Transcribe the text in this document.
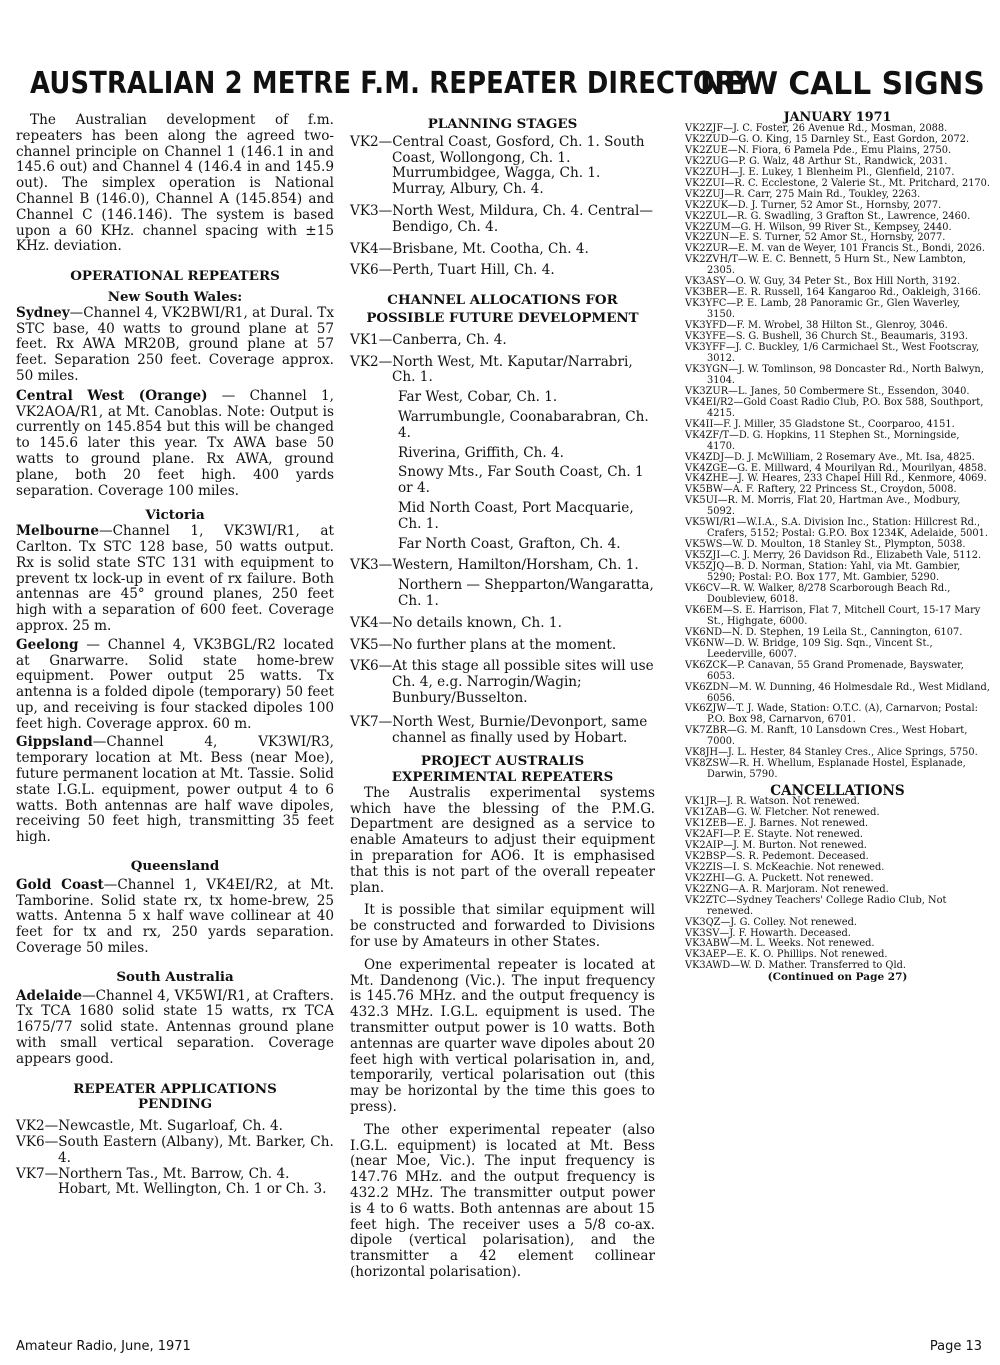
AUSTRALIAN 2 METRE F.M. REPEATER DIRECTORY
NEW CALL SIGNS

The Australian development of f.m. repeaters has been along the agreed two-channel principle on Channel 1 (146.1 in and 145.6 out) and Channel 4 (146.4 in and 145.9 out). The simplex operation is National Channel B (146.0), Channel A (145.854) and Channel C (146.146). The system is based upon a 60 KHz. channel spacing with ±15 KHz. deviation.

OPERATIONAL REPEATERS
New South Wales:

Sydney—Channel 4, VK2BWI/R1, at Dural. Tx STC base, 40 watts to ground plane at 57 feet. Rx AWA MR20B, ground plane at 57 feet. Separation 250 feet. Coverage approx. 50 miles.

Central West (Orange) — Channel 1, VK2AOA/R1, at Mt. Canoblas. Note: Output is currently on 145.854 but this will be changed to 145.6 later this year. Tx AWA base 50 watts to ground plane. Rx AWA, ground plane, both 20 feet high. 400 yards separation. Coverage 100 miles.

Victoria

Melbourne—Channel 1, VK3WI/R1, at Carlton. Tx STC 128 base, 50 watts output. Rx is solid state STC 131 with equipment to prevent tx lock-up in event of rx failure. Both antennas are 45° ground planes, 250 feet high with a separation of 600 feet. Coverage approx. 25 m.

Geelong — Channel 4, VK3BGL/R2 located at Gnarwarre. Solid state home-brew equipment. Power output 25 watts. Tx antenna is a folded dipole (temporary) 50 feet up, and receiving is four stacked dipoles 100 feet high. Coverage approx. 60 m.

Gippsland—Channel 4, VK3WI/R3, temporary location at Mt. Bess (near Moe), future permanent location at Mt. Tassie. Solid state I.G.L. equipment, power output 4 to 6 watts. Both antennas are half wave dipoles, receiving 50 feet high, transmitting 35 feet high.

Queensland

Gold Coast—Channel 1, VK4EI/R2, at Mt. Tamborine. Solid state rx, tx home-brew, 25 watts. Antenna 5 x half wave collinear at 40 feet for tx and rx, 250 yards separation. Coverage 50 miles.

South Australia

Adelaide—Channel 4, VK5WI/R1, at Crafters. Tx TCA 1680 solid state 15 watts, rx TCA 1675/77 solid state. Antennas ground plane with small vertical separation. Coverage appears good.

REPEATER APPLICATIONS PENDING

VK2—Newcastle, Mt. Sugarloaf, Ch. 4.

VK6—South Eastern (Albany), Mt. Barker, Ch. 4.

VK7—Northern Tas., Mt. Barrow, Ch. 4. Hobart, Mt. Wellington, Ch. 1 or Ch. 3.

PLANNING STAGES

VK2—Central Coast, Gosford, Ch. 1. South Coast, Wollongong, Ch. 1. Murrumbidgee, Wagga, Ch. 1. Murray, Albury, Ch. 4.

VK3—North West, Mildura, Ch. 4. Central—Bendigo, Ch. 4.

VK4—Brisbane, Mt. Cootha, Ch. 4.

VK6—Perth, Tuart Hill, Ch. 4.

CHANNEL ALLOCATIONS FOR
POSSIBLE FUTURE DEVELOPMENT

VK1—Canberra, Ch. 4.

VK2—North West, Mt. Kaputar/Narrabri, Ch. 1.

Far West, Cobar, Ch. 1.

Warrumbungle, Coonabarabran, Ch. 4.

Riverina, Griffith, Ch. 4.

Snowy Mts., Far South Coast, Ch. 1 or 4.

Mid North Coast, Port Macquarie, Ch. 1.

Far North Coast, Grafton, Ch. 4.

VK3—Western, Hamilton/Horsham, Ch. 1.

Northern — Shepparton/Wangaratta, Ch. 1.

VK4—No details known, Ch. 1.

VK5—No further plans at the moment.

VK6—At this stage all possible sites will use Ch. 4, e.g. Narrogin/Wagin; Bunbury/Busselton.

VK7—North West, Burnie/Devonport, same channel as finally used by Hobart.

PROJECT AUSTRALIS
EXPERIMENTAL REPEATERS

The Australis experimental systems which have the blessing of the P.M.G. Department are designed as a service to enable Amateurs to adjust their equipment in preparation for AO6. It is emphasised that this is not part of the overall repeater plan.

It is possible that similar equipment will be constructed and forwarded to Divisions for use by Amateurs in other States.

One experimental repeater is located at Mt. Dandenong (Vic.). The input frequency is 145.76 MHz. and the output frequency is 432.3 MHz. I.G.L. equipment is used. The transmitter output power is 10 watts. Both antennas are quarter wave dipoles about 20 feet high with vertical polarisation in, and, temporarily, vertical polarisation out (this may be horizontal by the time this goes to press).

The other experimental repeater (also I.G.L. equipment) is located at Mt. Bess (near Moe, Vic.). The input frequency is 147.76 MHz. and the output frequency is 432.2 MHz. The transmitter output power is 4 to 6 watts. Both antennas are about 15 feet high. The receiver uses a 5/8 co-ax. dipole (vertical polarisation), and the transmitter a 42 element collinear (horizontal polarisation).

JANUARY 1971

VK2ZJF—J. C. Foster, 26 Avenue Rd., Mosman, 2088.

VK2ZUD—G. O. King, 15 Darnley St., East Gordon, 2072.

VK2ZUE—N. Fiora, 6 Pamela Pde., Emu Plains, 2750.

VK2ZUG—P. G. Walz, 48 Arthur St., Randwick, 2031.

VK2ZUH—J. E. Lukey, 1 Blenheim Pl., Glenfield, 2107.

VK2ZUI—R. C. Ecclestone, 2 Valerie St., Mt. Pritchard, 2170.

VK2ZUJ—R. Carr, 275 Main Rd., Toukley, 2263.

VK2ZUK—D. J. Turner, 52 Amor St., Hornsby, 2077.

VK2ZUL—R. G. Swadling, 3 Grafton St., Lawrence, 2460.

VK2ZUM—G. H. Wilson, 99 River St., Kempsey, 2440.

VK2ZUN—E. S. Turner, 52 Amor St., Hornsby, 2077.

VK2ZUR—E. M. van de Weyer, 101 Francis St., Bondi, 2026.

VK2ZVH/T—W. E. C. Bennett, 5 Hurn St., New Lambton, 2305.

VK3ASY—O. W. Guy, 34 Peter St., Box Hill North, 3192.

VK3BER—E. R. Russell, 164 Kangaroo Rd., Oakleigh, 3166.

VK3YFC—P. E. Lamb, 28 Panoramic Gr., Glen Waverley, 3150.

VK3YFD—F. M. Wrobel, 38 Hilton St., Glenroy, 3046.

VK3YFE—S. G. Bushell, 36 Church St., Beaumaris, 3193.

VK3YFF—J. C. Buckley, 1/6 Carmichael St., West Footscray, 3012.

VK3YGN—J. W. Tomlinson, 98 Doncaster Rd., North Balwyn, 3104.

VK3ZUR—L. Janes, 50 Combermere St., Essendon, 3040.

VK4EI/R2—Gold Coast Radio Club, P.O. Box 588, Southport, 4215.

VK4II—F. J. Miller, 35 Gladstone St., Coorparoo, 4151.

VK4ZF/T—D. G. Hopkins, 11 Stephen St., Morningside, 4170.

VK4ZDJ—D. J. McWilliam, 2 Rosemary Ave., Mt. Isa, 4825.

VK4ZGE—G. E. Millward, 4 Mourilyan Rd., Mourilyan, 4858.

VK4ZHE—J. W. Heares, 233 Chapel Hill Rd., Kenmore, 4069.

VK5BW—A. F. Raftery, 22 Princess St., Croydon, 5008.

VK5UI—R. M. Morris, Flat 20, Hartman Ave., Modbury, 5092.

VK5WI/R1—W.I.A., S.A. Division Inc., Station: Hillcrest Rd., Crafers, 5152; Postal: G.P.O. Box 1234K, Adelaide, 5001.

VK5WS—W. D. Moulton, 18 Stanley St., Plympton, 5038.

VK5ZJI—C. J. Merry, 26 Davidson Rd., Elizabeth Vale, 5112.

VK5ZJQ—B. D. Norman, Station: Yahl, via Mt. Gambier, 5290; Postal: P.O. Box 177, Mt. Gambier, 5290.

VK6CV—R. W. Walker, 8/278 Scarborough Beach Rd., Doubleview, 6018.

VK6EM—S. E. Harrison, Flat 7, Mitchell Court, 15-17 Mary St., Highgate, 6000.

VK6ND—N. D. Stephen, 19 Leila St., Cannington, 6107.

VK6NW—D. W. Bridge, 109 Sig. Sqn., Vincent St., Leederville, 6007.

VK6ZCK—P. Canavan, 55 Grand Promenade, Bayswater, 6053.

VK6ZDN—M. W. Dunning, 46 Holmesdale Rd., West Midland, 6056.

VK6ZJW—T. J. Wade, Station: O.T.C. (A), Carnarvon; Postal: P.O. Box 98, Carnarvon, 6701.

VK7ZBR—G. M. Ranft, 10 Lansdown Cres., West Hobart, 7000.

VK8JH—J. L. Hester, 84 Stanley Cres., Alice Springs, 5750.

VK8ZSW—R. H. Whellum, Esplanade Hostel, Esplanade, Darwin, 5790.

CANCELLATIONS

VK1JR—J. R. Watson. Not renewed.

VK1ZAB—G. W. Fletcher. Not renewed.

VK1ZEB—E. J. Barnes. Not renewed.

VK2AFI—P. E. Stayte. Not renewed.

VK2AIP—J. M. Burton. Not renewed.

VK2BSP—S. R. Pedemont. Deceased.

VK2ZIS—I. S. McKeachie. Not renewed.

VK2ZHI—G. A. Puckett. Not renewed.

VK2ZNG—A. R. Marjoram. Not renewed.

VK2ZTC—Sydney Teachers' College Radio Club, Not renewed.

VK3QZ—J. G. Colley. Not renewed.

VK3SV—J. F. Howarth. Deceased.

VK3ABW—M. L. Weeks. Not renewed.

VK3AEP—E. K. O. Phillips. Not renewed.

VK3AWD—W. D. Mather. Transferred to Qld.

(Continued on Page 27)
Amateur Radio, June, 1971	Page 13
